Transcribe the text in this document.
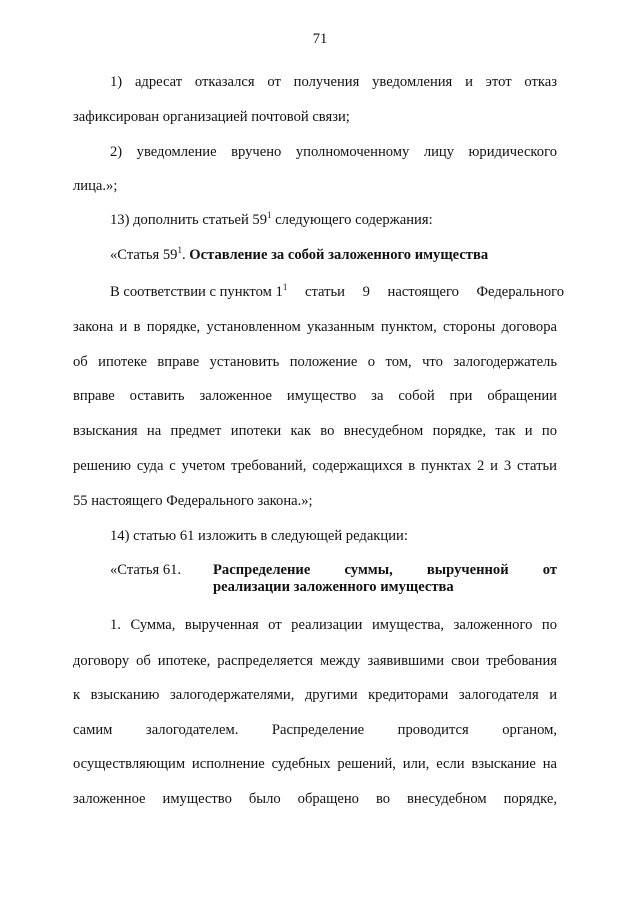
71
1) адресат отказался от получения уведомления и этот отказ
зафиксирован организацией почтовой связи;
2) уведомление вручено уполномоченному лицу юридического
лица.»;
13) дополнить статьей $59^1$ следующего содержания:
«Статья $59^1$. Оставление за собой заложенного имущества
В соответствии с пунктом $1^1$ статьи 9 настоящего Федерального
закона и в порядке, установленном указанным пунктом, стороны договора
об ипотеке вправе установить положение о том, что залогодержатель
вправе оставить заложенное имущество за собой при обращении
взыскания на предмет ипотеки как во внесудебном порядке, так и по
решению суда с учетом требований, содержащихся в пунктах 2 и 3 статьи
55 настоящего Федерального закона.»;
14) статью 61 изложить в следующей редакции:
«Статья 61.	Распределение суммы, вырученной от
реализации заложенного имущества
1. Сумма, вырученная от реализации имущества, заложенного по
договору об ипотеке, распределяется между заявившими свои требования
к взысканию залогодержателями, другими кредиторами залогодателя и
самим залогодателем. Распределение проводится органом,
осуществляющим исполнение судебных решений, или, если взыскание на
заложенное имущество было обращено во внесудебном порядке,
